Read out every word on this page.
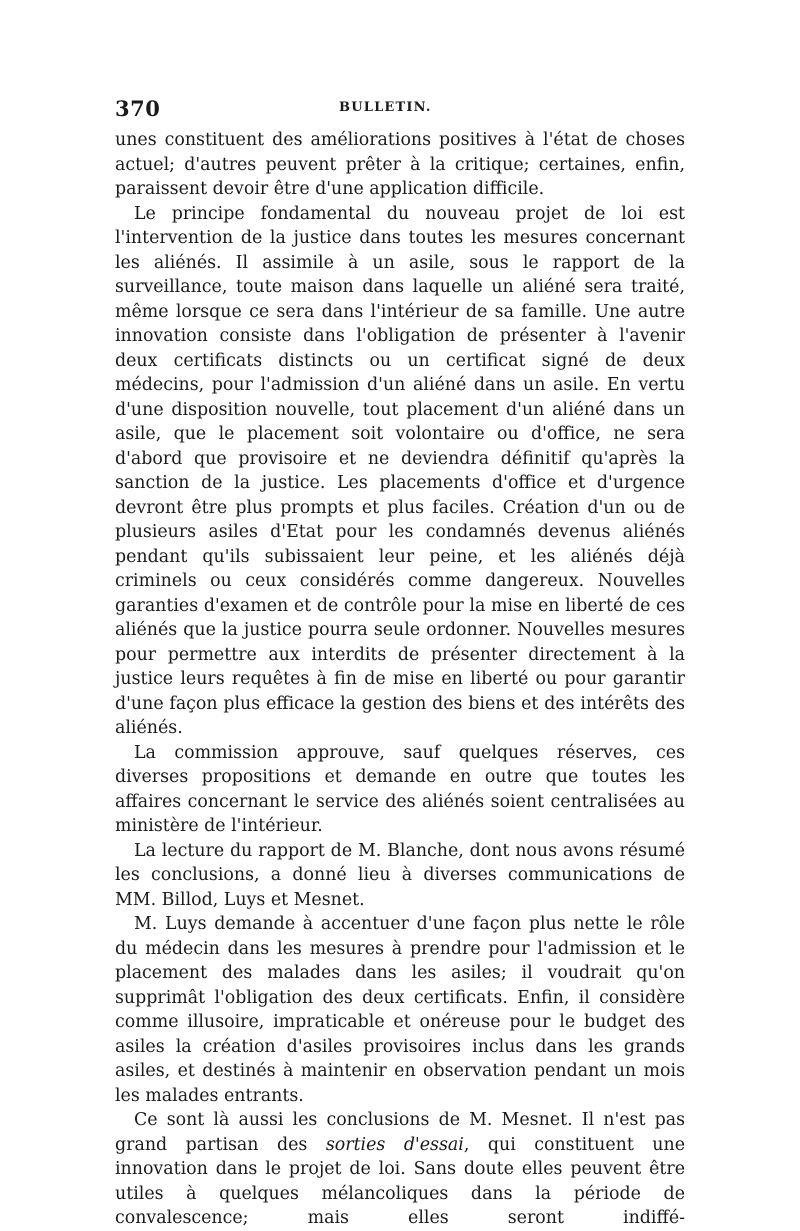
370	BULLETIN.

unes constituent des améliorations positives à l'état de choses actuel; d'autres peuvent prêter à la critique; certaines, enfin, paraissent devoir être d'une application difficile.

Le principe fondamental du nouveau projet de loi est l'intervention de la justice dans toutes les mesures concernant les aliénés. Il assimile à un asile, sous le rapport de la surveillance, toute maison dans laquelle un aliéné sera traité, même lorsque ce sera dans l'intérieur de sa famille. Une autre innovation consiste dans l'obligation de présenter à l'avenir deux certificats distincts ou un certificat signé de deux médecins, pour l'admission d'un aliéné dans un asile. En vertu d'une disposition nouvelle, tout placement d'un aliéné dans un asile, que le placement soit volontaire ou d'office, ne sera d'abord que provisoire et ne deviendra définitif qu'après la sanction de la justice. Les placements d'office et d'urgence devront être plus prompts et plus faciles. Création d'un ou de plusieurs asiles d'Etat pour les condamnés devenus aliénés pendant qu'ils subissaient leur peine, et les aliénés déjà criminels ou ceux considérés comme dangereux. Nouvelles garanties d'examen et de contrôle pour la mise en liberté de ces aliénés que la justice pourra seule ordonner. Nouvelles mesures pour permettre aux interdits de présenter directement à la justice leurs requêtes à fin de mise en liberté ou pour garantir d'une façon plus efficace la gestion des biens et des intérêts des aliénés.

La commission approuve, sauf quelques réserves, ces diverses propositions et demande en outre que toutes les affaires concernant le service des aliénés soient centralisées au ministère de l'intérieur.

La lecture du rapport de M. Blanche, dont nous avons résumé les conclusions, a donné lieu à diverses communications de MM. Billod, Luys et Mesnet.

M. Luys demande à accentuer d'une façon plus nette le rôle du médecin dans les mesures à prendre pour l'admission et le placement des malades dans les asiles; il voudrait qu'on supprimât l'obligation des deux certificats. Enfin, il considère comme illusoire, impraticable et onéreuse pour le budget des asiles la création d'asiles provisoires inclus dans les grands asiles, et destinés à maintenir en observation pendant un mois les malades entrants.

Ce sont là aussi les conclusions de M. Mesnet. Il n'est pas grand partisan des sorties d'essai, qui constituent une innovation dans le projet de loi. Sans doute elles peuvent être utiles à quelques mélancoliques dans la période de convalescence; mais elles seront indiffé-
